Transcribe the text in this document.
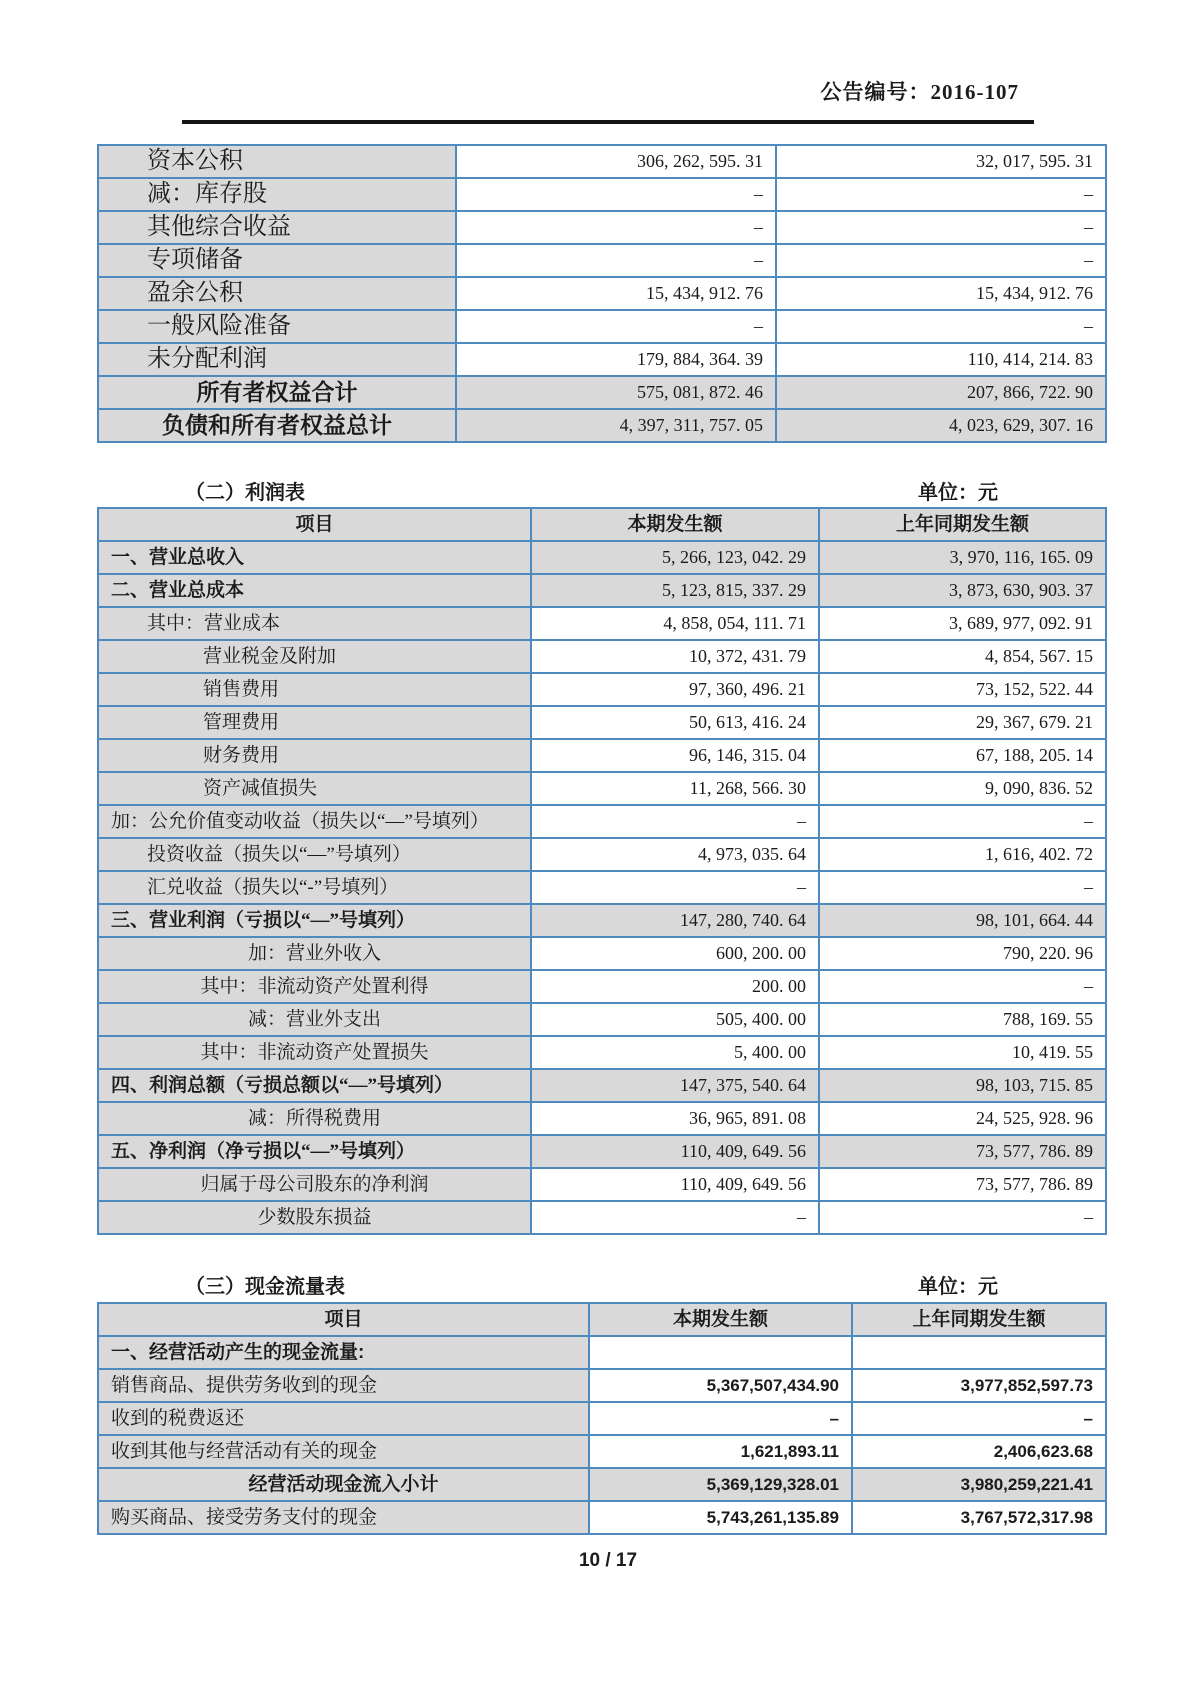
公告编号：2016-107
资本公积	306, 262, 595. 31	32, 017, 595. 31
减：库存股	–	–
其他综合收益	–	–
专项储备	–	–
盈余公积	15, 434, 912. 76	15, 434, 912. 76
一般风险准备	–	–
未分配利润	179, 884, 364. 39	110, 414, 214. 83
所有者权益合计	575, 081, 872. 46	207, 866, 722. 90
负债和所有者权益总计	4, 397, 311, 757. 05	4, 023, 629, 307. 16
（二）利润表	单位：元
项目	本期发生额	上年同期发生额
一、营业总收入	5, 266, 123, 042. 29	3, 970, 116, 165. 09
二、营业总成本	5, 123, 815, 337. 29	3, 873, 630, 903. 37
其中：营业成本	4, 858, 054, 111. 71	3, 689, 977, 092. 91
营业税金及附加	10, 372, 431. 79	4, 854, 567. 15
销售费用	97, 360, 496. 21	73, 152, 522. 44
管理费用	50, 613, 416. 24	29, 367, 679. 21
财务费用	96, 146, 315. 04	67, 188, 205. 14
资产减值损失	11, 268, 566. 30	9, 090, 836. 52
加：公允价值变动收益（损失以“—”号填列）	–	–
投资收益（损失以“—”号填列）	4, 973, 035. 64	1, 616, 402. 72
汇兑收益（损失以“-”号填列）	–	–
三、营业利润（亏损以“—”号填列）	147, 280, 740. 64	98, 101, 664. 44
加：营业外收入	600, 200. 00	790, 220. 96
其中：非流动资产处置利得	200. 00	–
减：营业外支出	505, 400. 00	788, 169. 55
其中：非流动资产处置损失	5, 400. 00	10, 419. 55
四、利润总额（亏损总额以“—”号填列）	147, 375, 540. 64	98, 103, 715. 85
减：所得税费用	36, 965, 891. 08	24, 525, 928. 96
五、净利润（净亏损以“—”号填列）	110, 409, 649. 56	73, 577, 786. 89
归属于母公司股东的净利润	110, 409, 649. 56	73, 577, 786. 89
少数股东损益	–	–
（三）现金流量表	单位：元
项目	本期发生额	上年同期发生额
一、经营活动产生的现金流量:		
销售商品、提供劳务收到的现金	5,367,507,434.90	3,977,852,597.73
收到的税费返还	–	–
收到其他与经营活动有关的现金	1,621,893.11	2,406,623.68
经营活动现金流入小计	5,369,129,328.01	3,980,259,221.41
购买商品、接受劳务支付的现金	5,743,261,135.89	3,767,572,317.98
10 / 17
